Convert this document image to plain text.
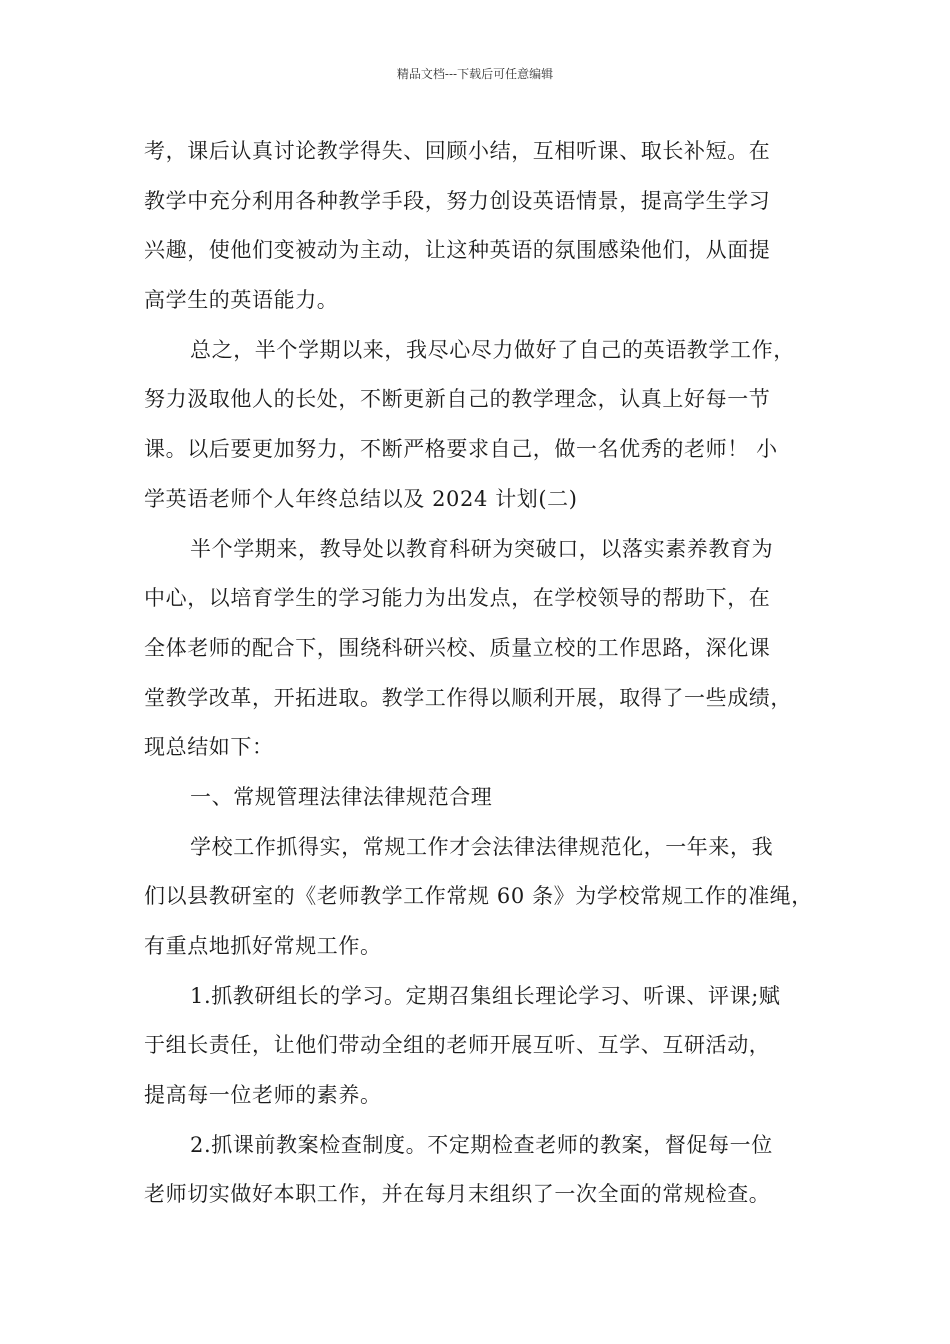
精品文档---下载后可任意编辑

考，课后认真讨论教学得失、回顾小结，互相听课、取长补短。在
教学中充分利用各种教学手段，努力创设英语情景，提高学生学习
兴趣，使他们变被动为主动，让这种英语的氛围感染他们，从面提
高学生的英语能力。

总之，半个学期以来，我尽心尽力做好了自己的英语教学工作，
努力汲取他人的长处，不断更新自己的教学理念，认真上好每一节
课。以后要更加努力，不断严格要求自己，做一名优秀的老师！ 小
学英语老师个人年终总结以及 2024 计划(二)

半个学期来，教导处以教育科研为突破口，以落实素养教育为
中心，以培育学生的学习能力为出发点，在学校领导的帮助下，在
全体老师的配合下，围绕科研兴校、质量立校的工作思路，深化课
堂教学改革，开拓进取。教学工作得以顺利开展，取得了一些成绩，
现总结如下：

一、常规管理法律法律规范合理

学校工作抓得实，常规工作才会法律法律规范化，一年来，我
们以县教研室的《老师教学工作常规 60 条》为学校常规工作的准绳，
有重点地抓好常规工作。

1.抓教研组长的学习。定期召集组长理论学习、听课、评课;赋
于组长责任，让他们带动全组的老师开展互听、互学、互研活动，
提高每一位老师的素养。

2.抓课前教案检查制度。不定期检查老师的教案，督促每一位
老师切实做好本职工作，并在每月末组织了一次全面的常规检查。
